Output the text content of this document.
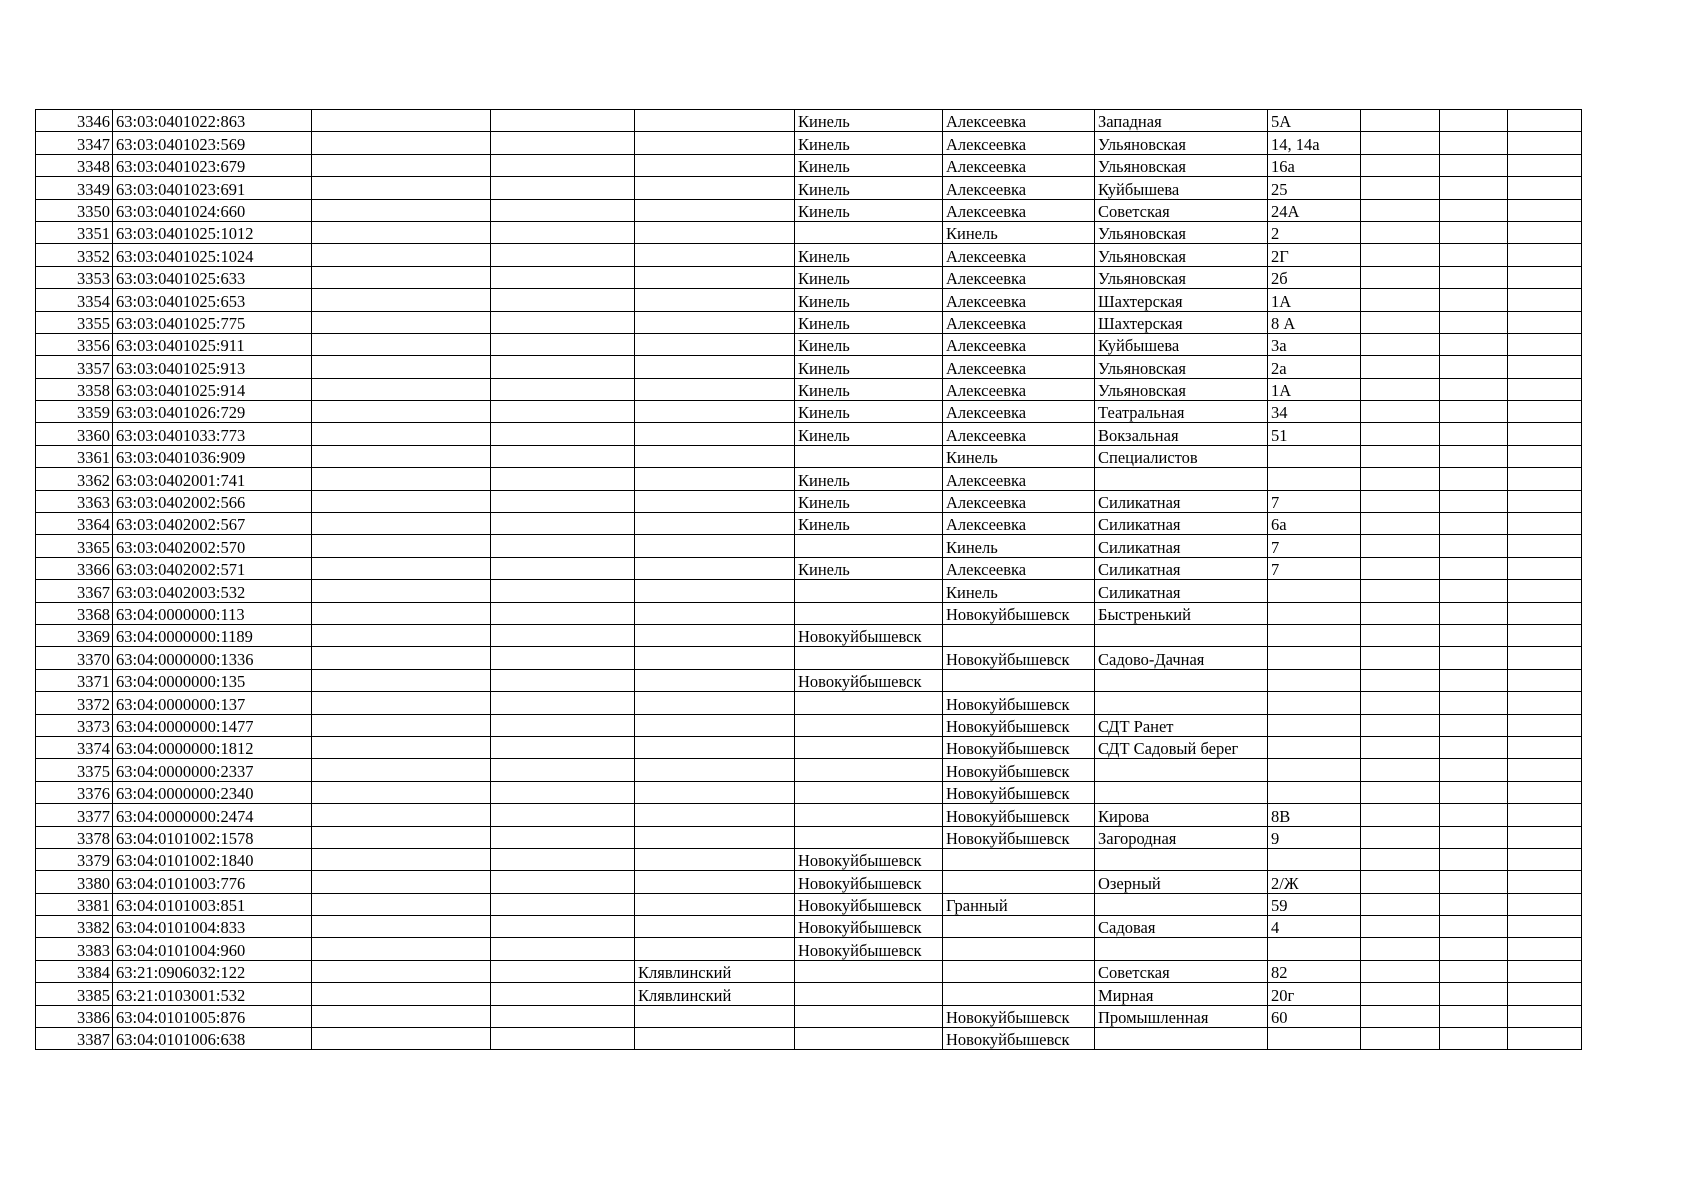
3346	63:03:0401022:863				Кинель	Алексеевка	Западная	5А			
3347	63:03:0401023:569				Кинель	Алексеевка	Ульяновская	14, 14а			
3348	63:03:0401023:679				Кинель	Алексеевка	Ульяновская	16а			
3349	63:03:0401023:691				Кинель	Алексеевка	Куйбышева	25			
3350	63:03:0401024:660				Кинель	Алексеевка	Советская	24А			
3351	63:03:0401025:1012					Кинель	Ульяновская	2			
3352	63:03:0401025:1024				Кинель	Алексеевка	Ульяновская	2Г			
3353	63:03:0401025:633				Кинель	Алексеевка	Ульяновская	2б			
3354	63:03:0401025:653				Кинель	Алексеевка	Шахтерская	1А			
3355	63:03:0401025:775				Кинель	Алексеевка	Шахтерская	8 А			
3356	63:03:0401025:911				Кинель	Алексеевка	Куйбышева	3а			
3357	63:03:0401025:913				Кинель	Алексеевка	Ульяновская	2а			
3358	63:03:0401025:914				Кинель	Алексеевка	Ульяновская	1А			
3359	63:03:0401026:729				Кинель	Алексеевка	Театральная	34			
3360	63:03:0401033:773				Кинель	Алексеевка	Вокзальная	51			
3361	63:03:0401036:909					Кинель	Специалистов				
3362	63:03:0402001:741				Кинель	Алексеевка					
3363	63:03:0402002:566				Кинель	Алексеевка	Силикатная	7			
3364	63:03:0402002:567				Кинель	Алексеевка	Силикатная	6а			
3365	63:03:0402002:570					Кинель	Силикатная	7			
3366	63:03:0402002:571				Кинель	Алексеевка	Силикатная	7			
3367	63:03:0402003:532					Кинель	Силикатная				
3368	63:04:0000000:113					Новокуйбышевск	Быстренький				
3369	63:04:0000000:1189				Новокуйбышевск						
3370	63:04:0000000:1336					Новокуйбышевск	Садово-Дачная				
3371	63:04:0000000:135				Новокуйбышевск						
3372	63:04:0000000:137					Новокуйбышевск					
3373	63:04:0000000:1477					Новокуйбышевск	СДТ Ранет				
3374	63:04:0000000:1812					Новокуйбышевск	СДТ Садовый берег				
3375	63:04:0000000:2337					Новокуйбышевск					
3376	63:04:0000000:2340					Новокуйбышевск					
3377	63:04:0000000:2474					Новокуйбышевск	Кирова	8В			
3378	63:04:0101002:1578					Новокуйбышевск	Загородная	9			
3379	63:04:0101002:1840				Новокуйбышевск						
3380	63:04:0101003:776				Новокуйбышевск		Озерный	2/Ж			
3381	63:04:0101003:851				Новокуйбышевск	Гранный		59			
3382	63:04:0101004:833				Новокуйбышевск		Садовая	4			
3383	63:04:0101004:960				Новокуйбышевск						
3384	63:21:0906032:122			Клявлинский			Советская	82			
3385	63:21:0103001:532			Клявлинский			Мирная	20г			
3386	63:04:0101005:876					Новокуйбышевск	Промышленная	60			
3387	63:04:0101006:638					Новокуйбышевск					
